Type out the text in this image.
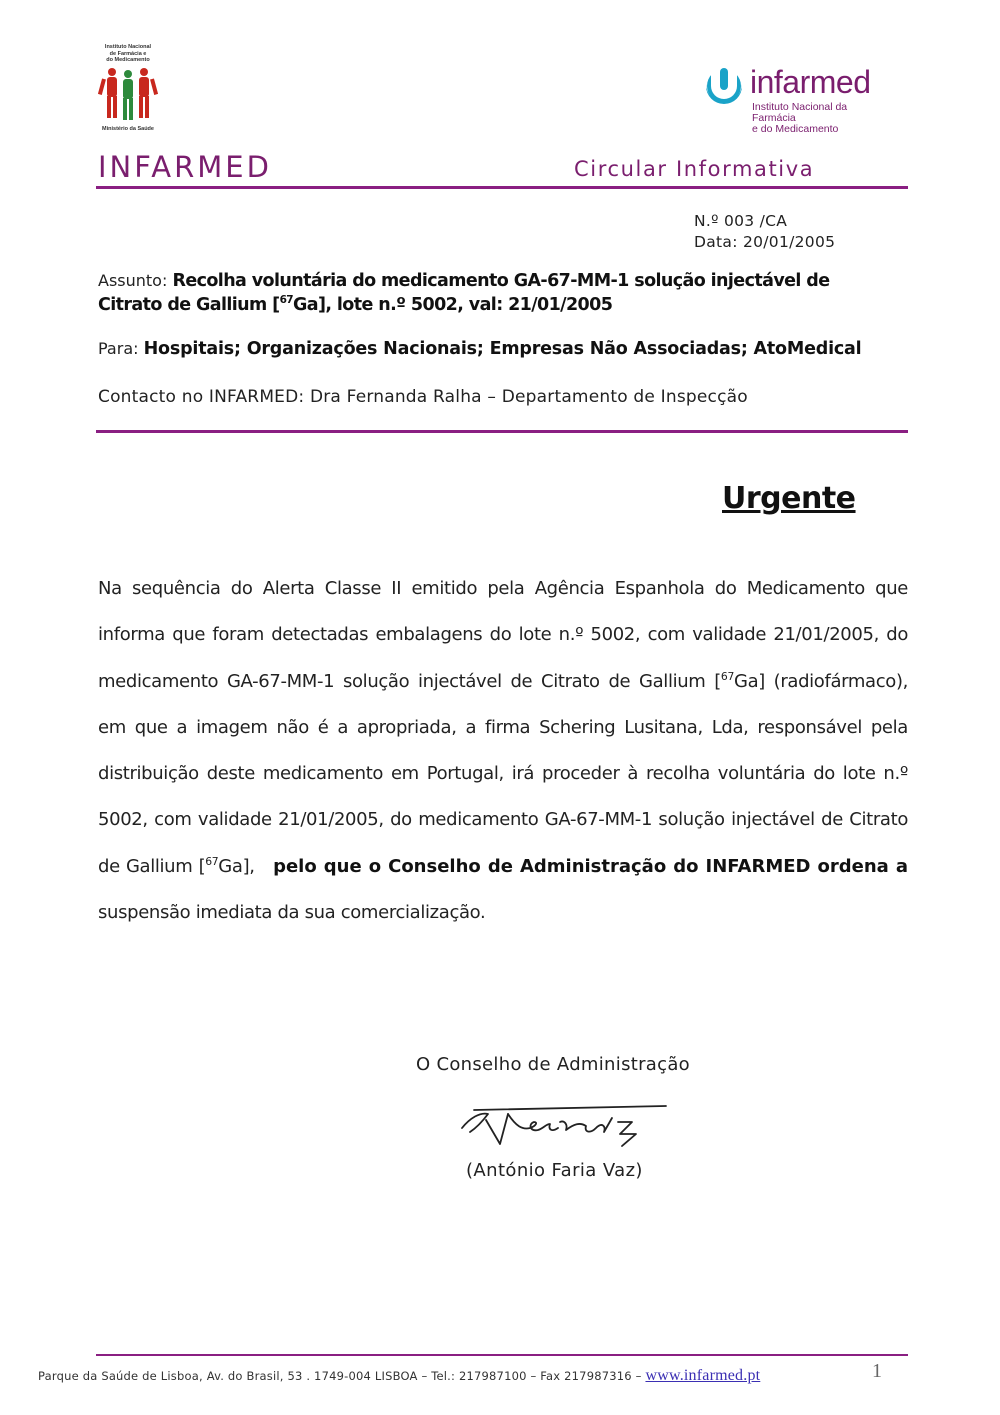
Instituto Nacional
de Farmácia e
do Medicamento
Ministério da Saúde
infarmed
Instituto Nacional da Farmácia
e do Medicamento
INFARMED	Circular Informativa
N.º 003 /CA
Data: 20/01/2005
Assunto: Recolha voluntária do medicamento GA-67-MM-1 solução injectável de
Citrato de Gallium [$^{67}$Ga], lote n.º 5002, val: 21/01/2005
Para: Hospitais; Organizações Nacionais; Empresas Não Associadas; AtoMedical
Contacto no INFARMED: Dra Fernanda Ralha – Departamento de Inspecção
Urgente
Na sequência do Alerta Classe II emitido pela Agência Espanhola do Medicamento que informa que foram detectadas embalagens do lote n.º 5002, com validade 21/01/2005, do medicamento GA-67-MM-1 solução injectável de Citrato de Gallium [$^{67}$Ga] (radiofármaco), em que a imagem não é a apropriada, a firma Schering Lusitana, Lda, responsável pela distribuição deste medicamento em Portugal, irá proceder à recolha voluntária do lote n.º 5002, com validade 21/01/2005, do medicamento GA-67-MM-1 solução injectável de Citrato de Gallium [$^{67}$Ga], pelo que o Conselho de Administração do INFARMED ordena a suspensão imediata da sua comercialização.
O Conselho de Administração
(António Faria Vaz)
Parque da Saúde de Lisboa, Av. do Brasil, 53 . 1749-004 LISBOA – Tel.: 217987100 – Fax 217987316 – www.infarmed.pt	1
